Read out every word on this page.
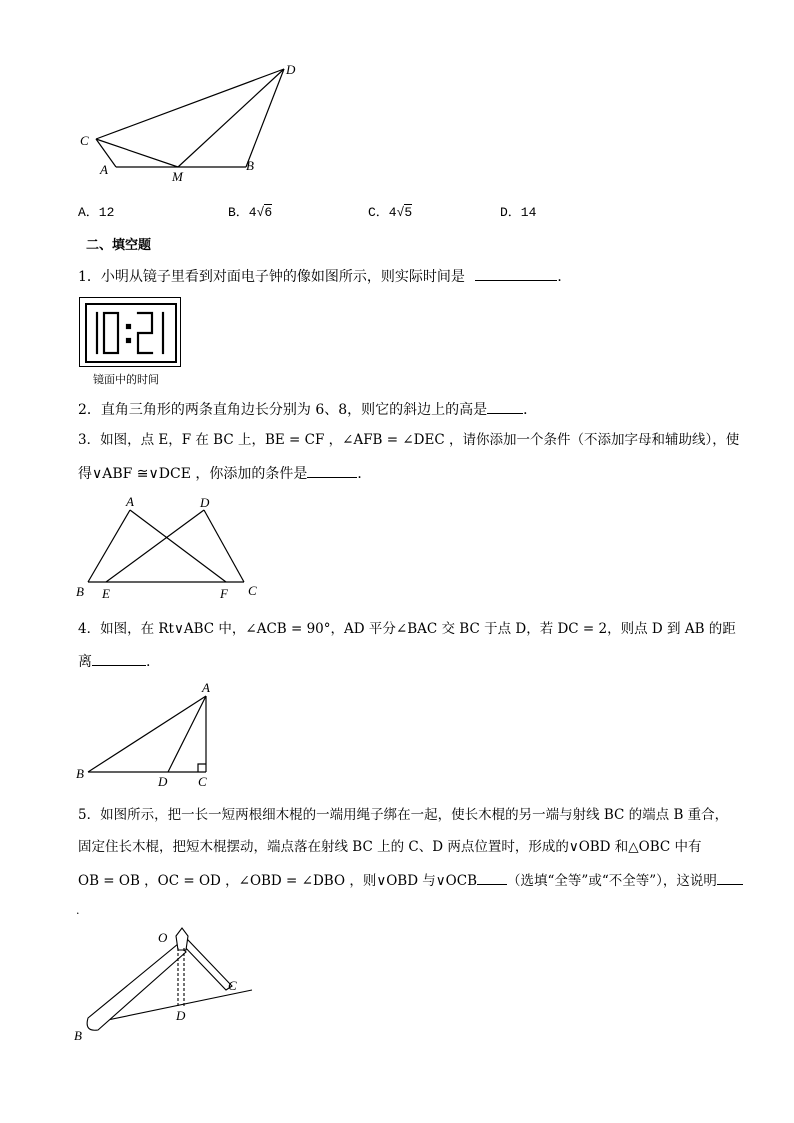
C
A	M
B
D
A．12	B．4√6	C．4√5	D．14
二、填空题
1．小明从镜子里看到对面电子钟的像如图所示，则实际时间是	．
镜面中的时间
2．直角三角形的两条直角边长分别为 6、8，则它的斜边上的高是	．
3．如图，点 E，F 在 BC 上，BE = CF ，∠AFB = ∠DEC ，请你添加一个条件（不添加字母和辅助线），使
得∨ABF ≅∨DCE ，你添加的条件是	．
A	D
B E	F C
4．如图，在 Rt∨ABC 中，∠ACB = 90°，AD 平分∠BAC 交 BC 于点 D，若 DC = 2，则点 D 到 AB 的距
离	.
A
B
D C
5．如图所示，把一长一短两根细木棍的一端用绳子绑在一起，使长木棍的另一端与射线 BC 的端点 B 重合，
固定住长木棍，把短木棍摆动，端点落在射线 BC 上的 C、D 两点位置时，形成的∨OBD 和△OBC 中有
OB = OB ，OC = OD ，∠OBD = ∠DBO ，则∨OBD 与∨OCB （选填“全等”或“不全等”），这说明
.
O
C
D
B
